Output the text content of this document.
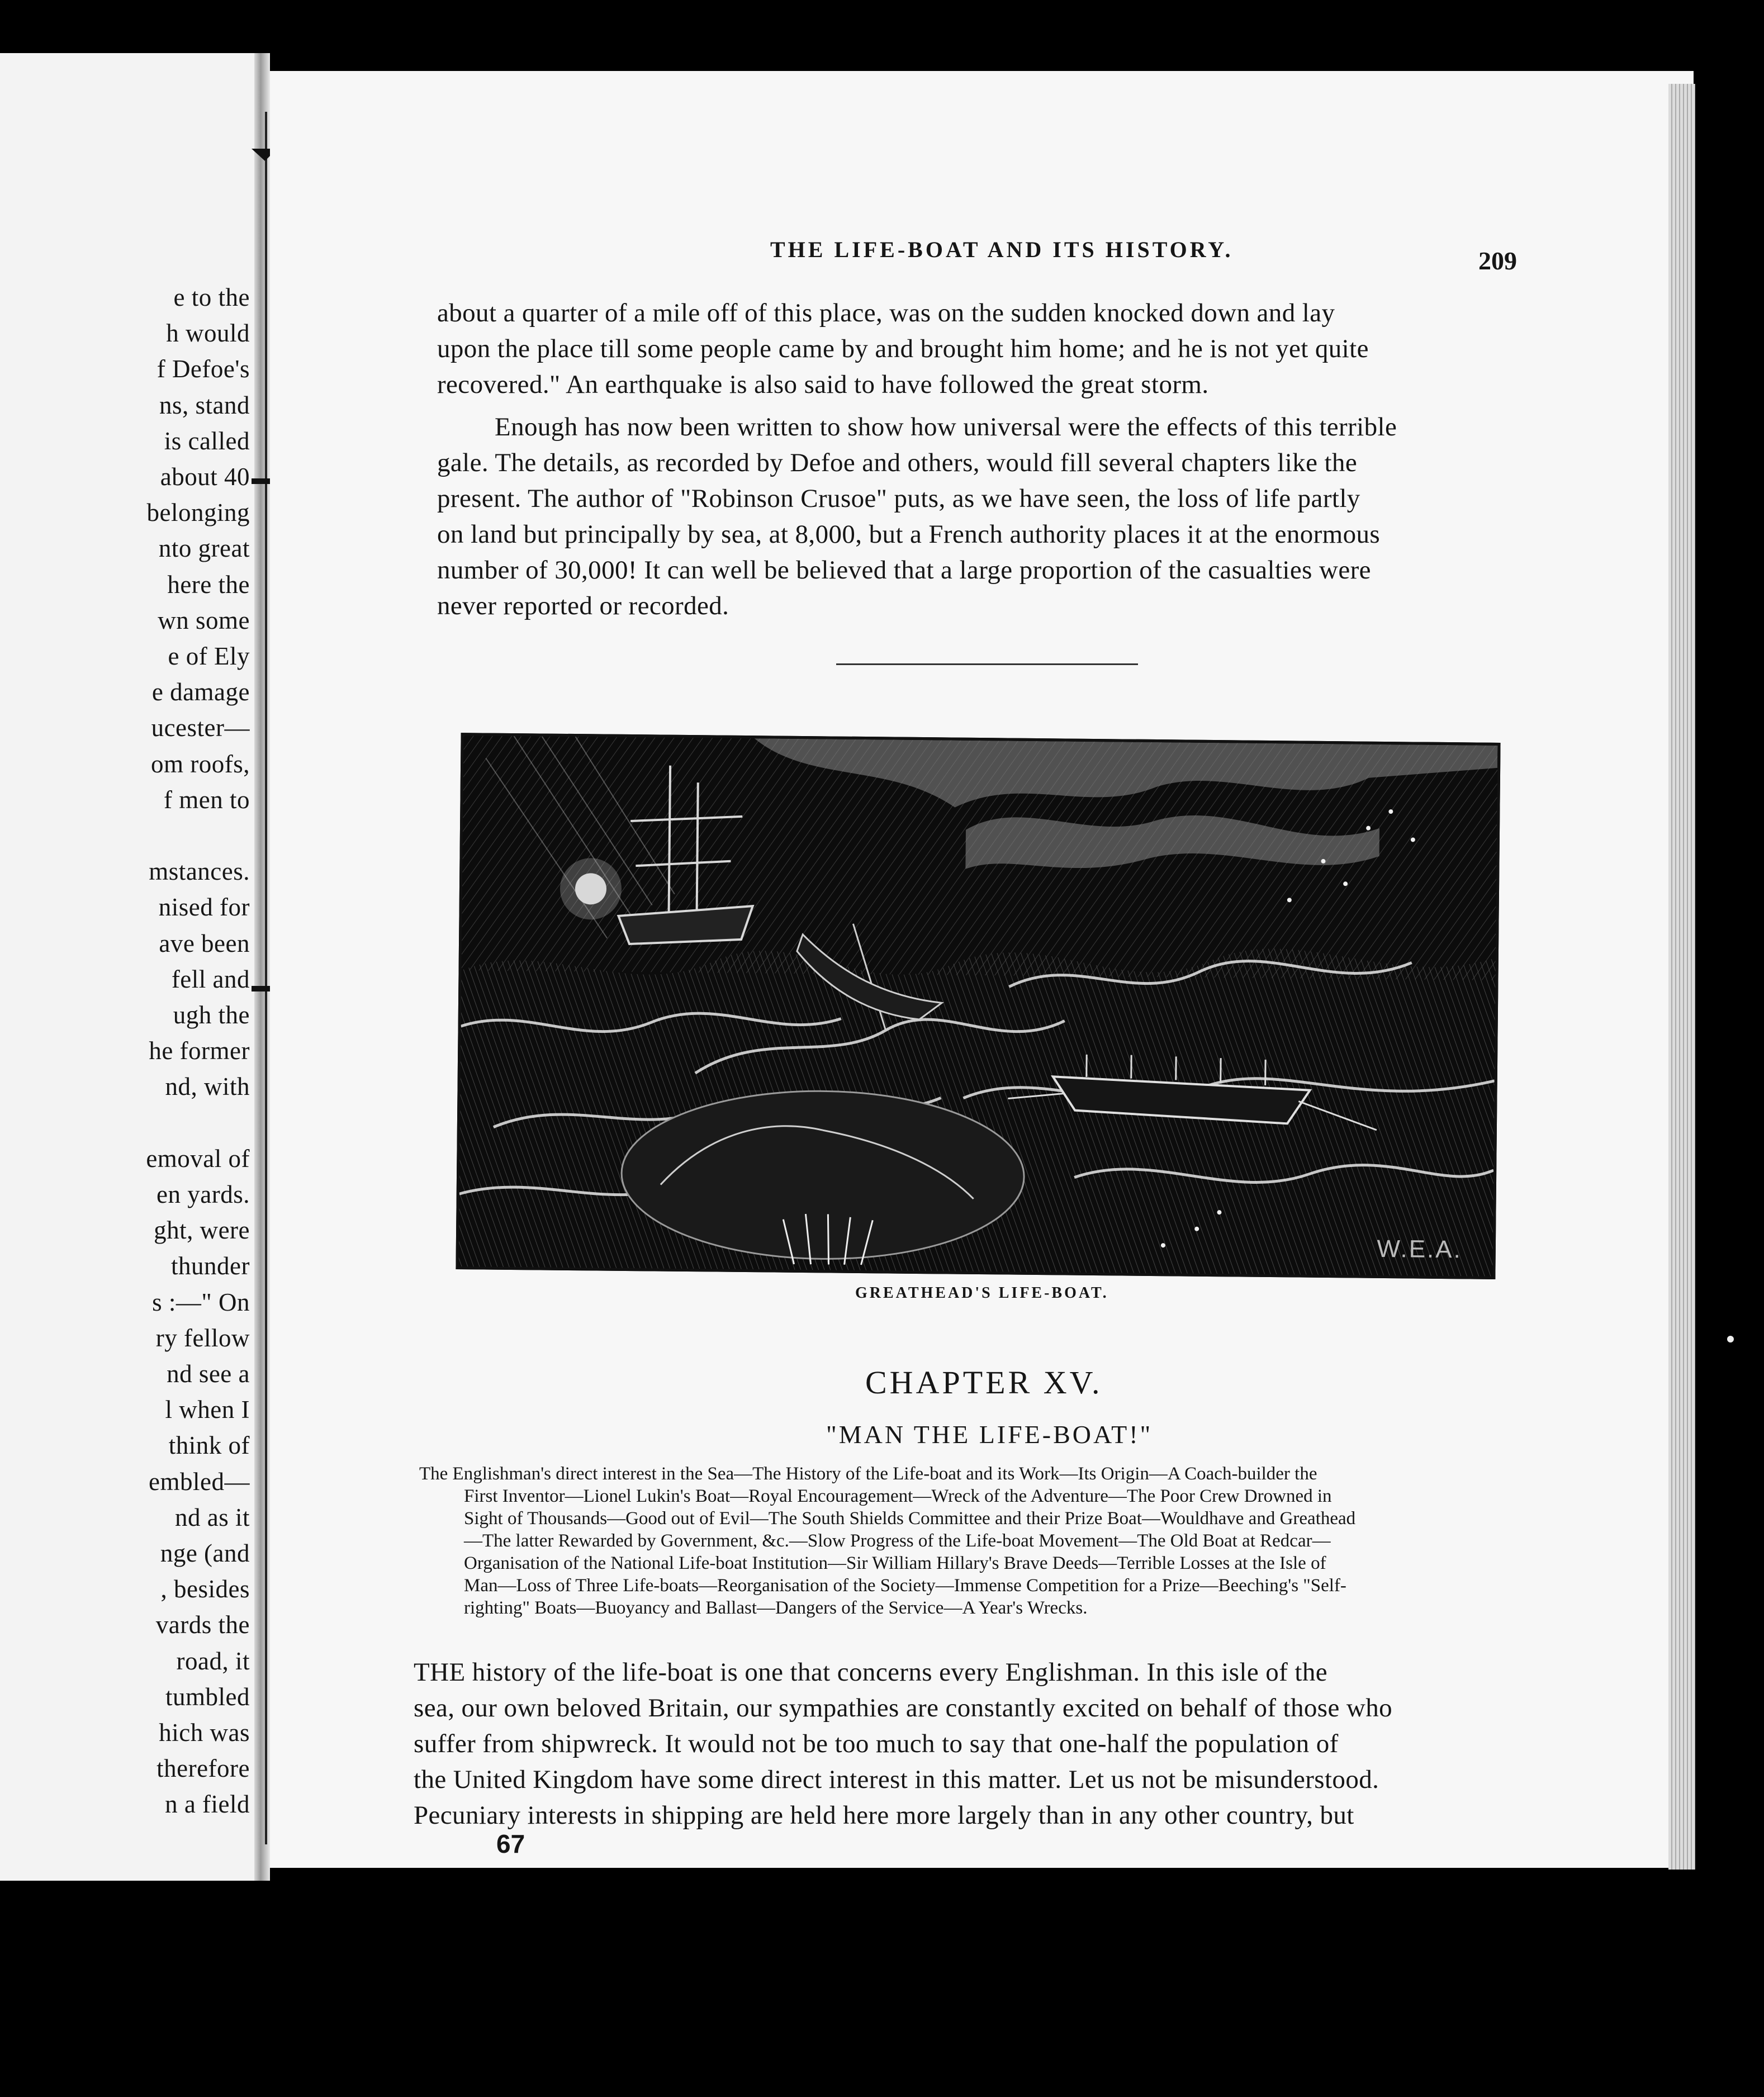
e to the
h would
f Defoe's
ns, stand
is called
about 40
belonging
nto great
here the
wn some
e of Ely
e damage
ucester—
om roofs,
f men to
mstances.
nised for
ave been
fell and
ugh the
he former
nd, with
emoval of
en yards.
ght, were
thunder
s :—" On
ry fellow
nd see a
l when I
think of
embled—
nd as it
nge (and
, besides
vards the
road, it
tumbled
hich was
therefore
n a field
THE LIFE-BOAT AND ITS HISTORY.	209
about a quarter of a mile off of this place, was on the sudden knocked down and lay
upon the place till some people came by and brought him home; and he is not yet quite
recovered." An earthquake is also said to have followed the great storm.
Enough has now been written to show how universal were the effects of this terrible
gale. The details, as recorded by Defoe and others, would fill several chapters like the
present. The author of "Robinson Crusoe" puts, as we have seen, the loss of life partly
on land but principally by sea, at 8,000, but a French authority places it at the enormous
number of 30,000! It can well be believed that a large proportion of the casualties were
never reported or recorded.
W.E.A.
GREATHEAD'S LIFE-BOAT.
CHAPTER XV.
"MAN THE LIFE-BOAT!"
The Englishman's direct interest in the Sea—The History of the Life-boat and its Work—Its Origin—A Coach-builder the
First Inventor—Lionel Lukin's Boat—Royal Encouragement—Wreck of the Adventure—The Poor Crew Drowned in
Sight of Thousands—Good out of Evil—The South Shields Committee and their Prize Boat—Wouldhave and Greathead
—The latter Rewarded by Government, &c.—Slow Progress of the Life-boat Movement—The Old Boat at Redcar—
Organisation of the National Life-boat Institution—Sir William Hillary's Brave Deeds—Terrible Losses at the Isle of
Man—Loss of Three Life-boats—Reorganisation of the Society—Immense Competition for a Prize—Beeching's "Self-
righting" Boats—Buoyancy and Ballast—Dangers of the Service—A Year's Wrecks.
THE history of the life-boat is one that concerns every Englishman. In this isle of the
sea, our own beloved Britain, our sympathies are constantly excited on behalf of those who
suffer from shipwreck. It would not be too much to say that one-half the population of
the United Kingdom have some direct interest in this matter. Let us not be misunderstood.
Pecuniary interests in shipping are held here more largely than in any other country, but
67
